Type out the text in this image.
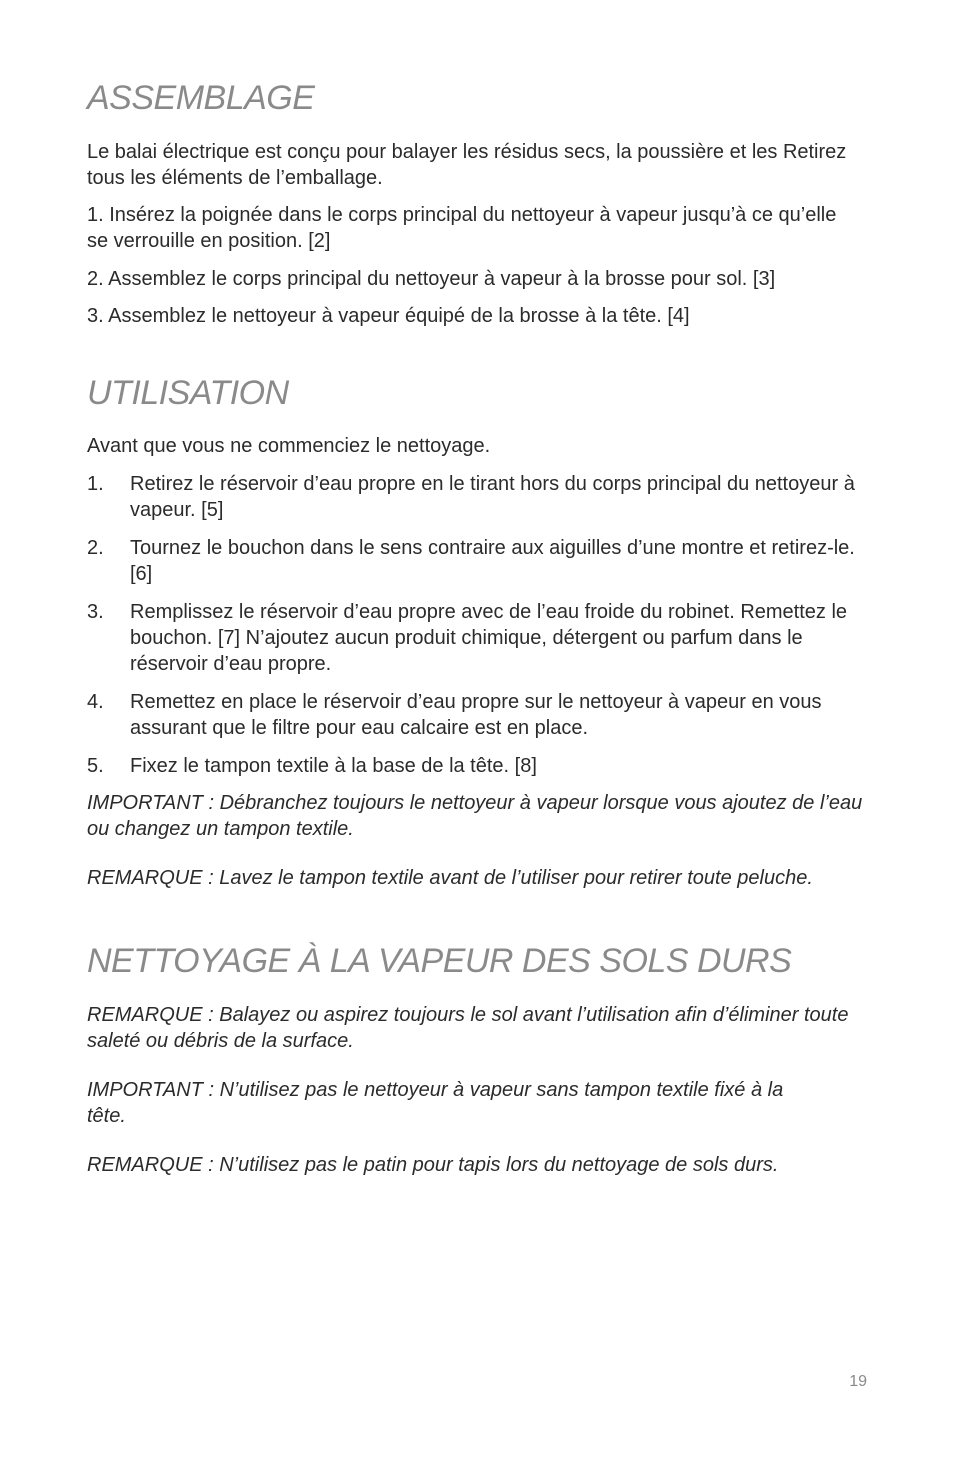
ASSEMBLAGE

Le balai électrique est conçu pour balayer les résidus secs, la poussière et les Retirez tous les éléments de l’emballage.

1. Insérez la poignée dans le corps principal du nettoyeur à vapeur jusqu’à ce qu’elle se verrouille en position. [2]

2. Assemblez le corps principal du nettoyeur à vapeur à la brosse pour sol. [3]

3. Assemblez le nettoyeur à vapeur équipé de la brosse à la tête. [4]

UTILISATION

Avant que vous ne commenciez le nettoyage.

1.	Retirez le réservoir d’eau propre en le tirant hors du corps principal du nettoyeur à vapeur. [5]
2.	Tournez le bouchon dans le sens contraire aux aiguilles d’une montre et retirez-le. [6]
3.	Remplissez le réservoir d’eau propre avec de l’eau froide du robinet. Remettez le bouchon. [7] N’ajoutez aucun produit chimique, détergent ou parfum dans le réservoir d’eau propre.
4.	Remettez en place le réservoir d’eau propre sur le nettoyeur à vapeur en vous assurant que le filtre pour eau calcaire est en place.
5.	Fixez le tampon textile à la base de la tête. [8]

IMPORTANT : Débranchez toujours le nettoyeur à vapeur lorsque vous ajoutez de l’eau ou changez un tampon textile.

REMARQUE : Lavez le tampon textile avant de l’utiliser pour retirer toute peluche.

NETTOYAGE À LA VAPEUR DES SOLS DURS

REMARQUE : Balayez ou aspirez toujours le sol avant l’utilisation afin d’éliminer toute saleté ou débris de la surface.

IMPORTANT : N’utilisez pas le nettoyeur à vapeur sans tampon textile fixé à la tête.

REMARQUE : N’utilisez pas le patin pour tapis lors du nettoyage de sols durs.

19
